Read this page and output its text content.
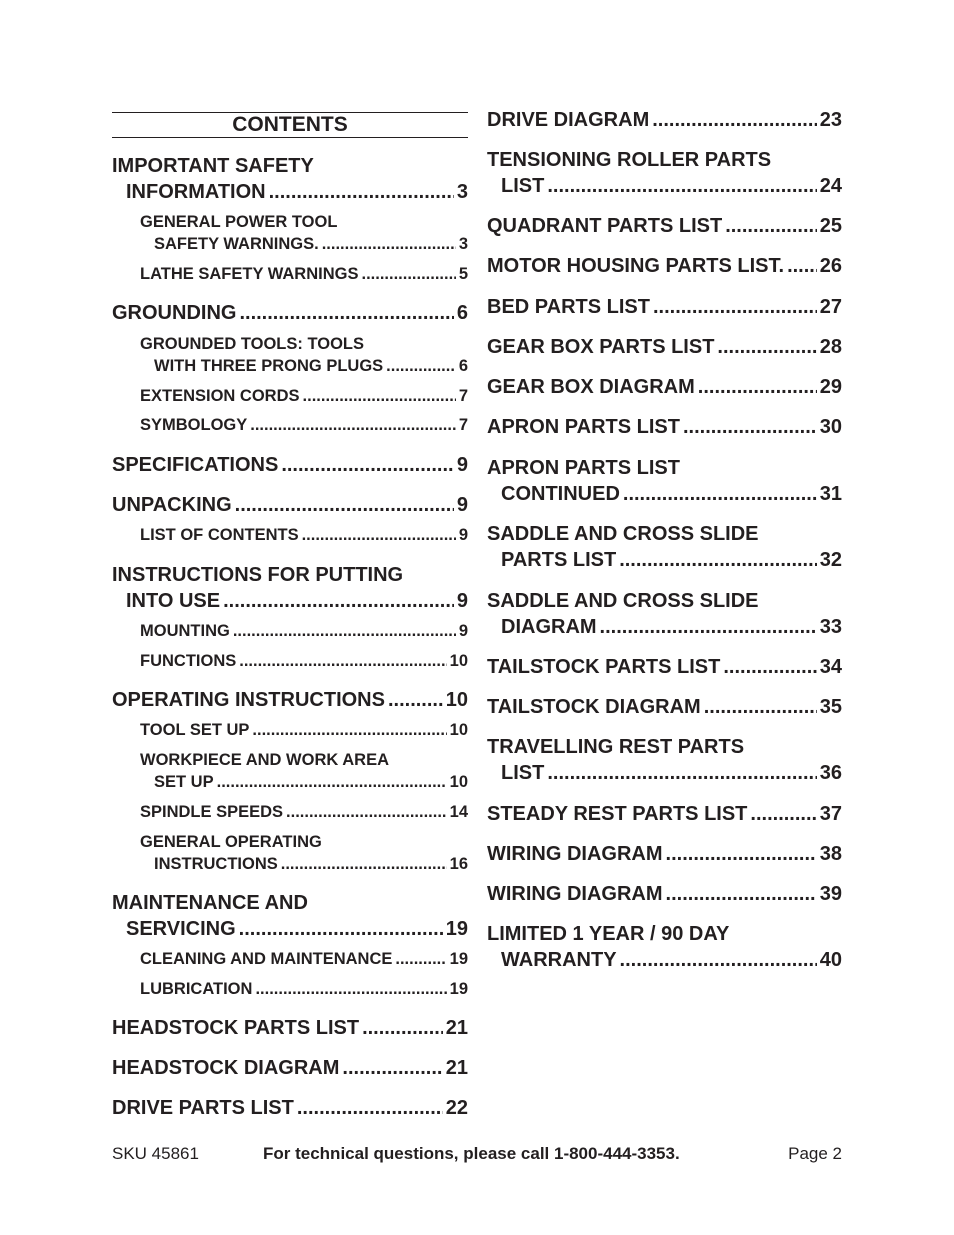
CONTENTS
IMPORTANT SAFETY
INFORMATION .....	3
GENERAL POWER TOOL
SAFETY WARNINGS. .....	3
LATHE SAFETY WARNINGS .....	5
GROUNDING .....	6
GROUNDED TOOLS: TOOLS
WITH THREE PRONG PLUGS .....	6
EXTENSION CORDS .....	7
SYMBOLOGY .....	7
SPECIFICATIONS .....	9
UNPACKING .....	9
LIST OF CONTENTS .....	9
INSTRUCTIONS FOR PUTTING
INTO USE .....	9
MOUNTING .....	9
FUNCTIONS .....	10
OPERATING INSTRUCTIONS .....	10
TOOL SET UP .....	10
WORKPIECE AND WORK AREA
SET UP .....	10
SPINDLE SPEEDS .....	14
GENERAL OPERATING
INSTRUCTIONS .....	16
MAINTENANCE AND
SERVICING .....	19
CLEANING AND MAINTENANCE .....	19
LUBRICATION .....	19
HEADSTOCK PARTS LIST .....	21
HEADSTOCK DIAGRAM .....	21
DRIVE PARTS LIST .....	22
DRIVE DIAGRAM .....	23
TENSIONING ROLLER PARTS
LIST .....	24
QUADRANT PARTS LIST .....	25
MOTOR HOUSING PARTS LIST. ..... 26
BED PARTS LIST .....	27
GEAR BOX PARTS LIST .....	28
GEAR BOX DIAGRAM .....	29
APRON PARTS LIST .....	30
APRON PARTS LIST
CONTINUED .....	31
SADDLE AND CROSS SLIDE
PARTS LIST .....	32
SADDLE AND CROSS SLIDE
DIAGRAM .....	33
TAILSTOCK PARTS LIST .....	34
TAILSTOCK DIAGRAM .....	35
TRAVELLING REST PARTS
LIST .....	36
STEADY REST PARTS LIST .....	37
WIRING DIAGRAM .....	38
WIRING DIAGRAM .....	39
LIMITED 1 YEAR / 90 DAY
WARRANTY .....	40
SKU 45861	For technical questions, please call 1-800-444-3353.	Page 2
